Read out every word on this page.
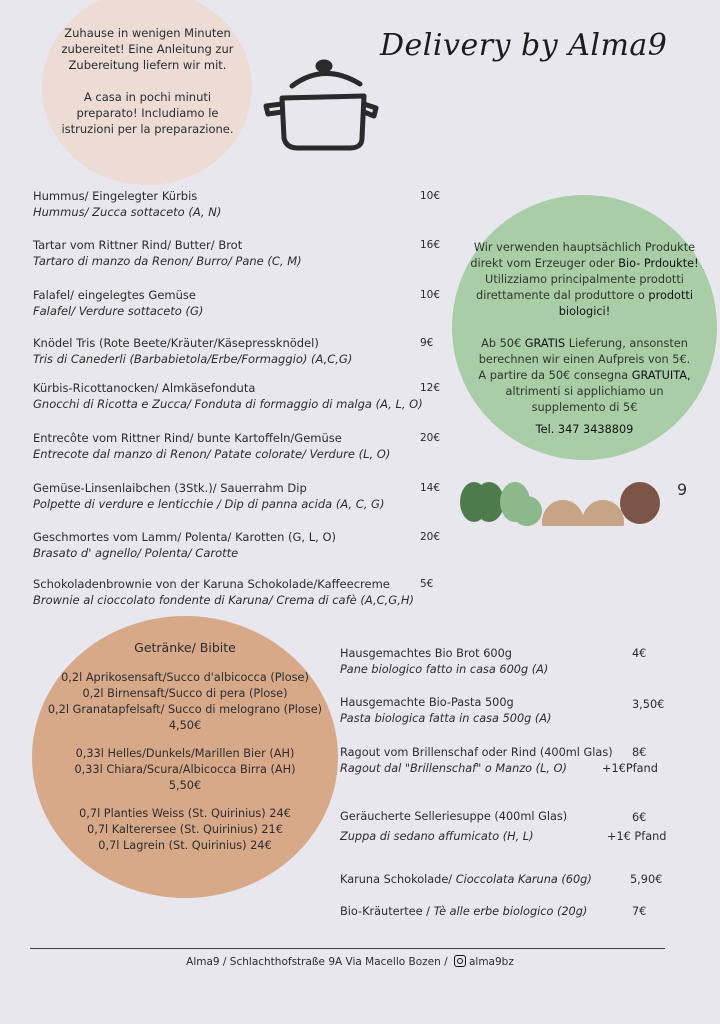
Zuhause in wenigen Minuten zubereitet! Eine Anleitung zur Zubereitung liefern wir mit.
A casa in pochi minuti preparato! Includiamo le istruzioni per la preparazione.
Delivery by Alma9
Hummus/ Eingelegter Kürbis
Hummus/ Zucca sottaceto (A, N)
10€
Tartar vom Rittner Rind/ Butter/ Brot
Tartaro di manzo da Renon/ Burro/ Pane (C, M)
16€
Falafel/ eingelegtes Gemüse
Falafel/ Verdure sottaceto (G)
10€
Knödel Tris (Rote Beete/Kräuter/Käsepressknödel)
Tris di Canederli (Barbabietola/Erbe/Formaggio) (A,C,G)
9€
Kürbis-Ricottanocken/ Almkäsefonduta
Gnocchi di Ricotta e Zucca/ Fonduta di formaggio di malga (A, L, O)
12€
Entrecôte vom Rittner Rind/ bunte Kartoffeln/Gemüse
Entrecote dal manzo di Renon/ Patate colorate/ Verdure (L, O)
20€
Gemüse-Linsenlaibchen (3Stk.)/ Sauerrahm Dip
Polpette di verdure e lenticchie / Dip di panna acida (A, C, G)
14€
Geschmortes vom Lamm/ Polenta/ Karotten (G, L, O)
Brasato d' agnello/ Polenta/ Carotte
20€
Schokoladenbrownie von der Karuna Schokolade/Kaffeecreme
Brownie al cioccolato fondente di Karuna/ Crema di cafè (A,C,G,H)
5€
Wir verwenden hauptsächlich Produkte
direkt vom Erzeuger oder Bio- Prdoukte!
Utilizziamo principalmente prodotti
direttamente dal produttore o prodotti
biologici!
Ab 50€ GRATIS Lieferung, ansonsten
berechnen wir einen Aufpreis von 5€.
A partire da 50€ consegna GRATUITA,
altrimenti si applichiamo un
supplemento di 5€
Tel. 347 3438809
9
Getränke/ Bibite
0,2l Aprikosensaft/Succo d'albicocca (Plose)
0,2l Birnensaft/Succo di pera (Plose)
0,2l Granatapfelsaft/ Succo di melograno (Plose)
4,50€
0,33l Helles/Dunkels/Marillen Bier (AH)
0,33l Chiara/Scura/Albicocca Birra (AH)
5,50€
0,7l Planties Weiss (St. Quirinius) 24€
0,7l Kalterersee (St. Quirinius) 21€
0,7l Lagrein (St. Quirinius) 24€
Hausgemachtes Bio Brot 600g
Pane biologico fatto in casa 600g (A)
4€
Hausgemachte Bio-Pasta 500g
Pasta biologica fatta in casa 500g (A)
3,50€
Ragout vom Brillenschaf oder Rind (400ml Glas)
Ragout dal "Brillenschaf" o Manzo (L, O)
8€
+1€Pfand
Geräucherte Selleriesuppe (400ml Glas)
Zuppa di sedano affumicato (H, L)
6€
+1€ Pfand
Karuna Schokolade/ Cioccolata Karuna (60g)	5,90€
Bio-Kräutertee / Tè alle erbe biologico (20g)	7€
Alma9 / Schlachthofstraße 9A Via Macello Bozen / alma9bz
